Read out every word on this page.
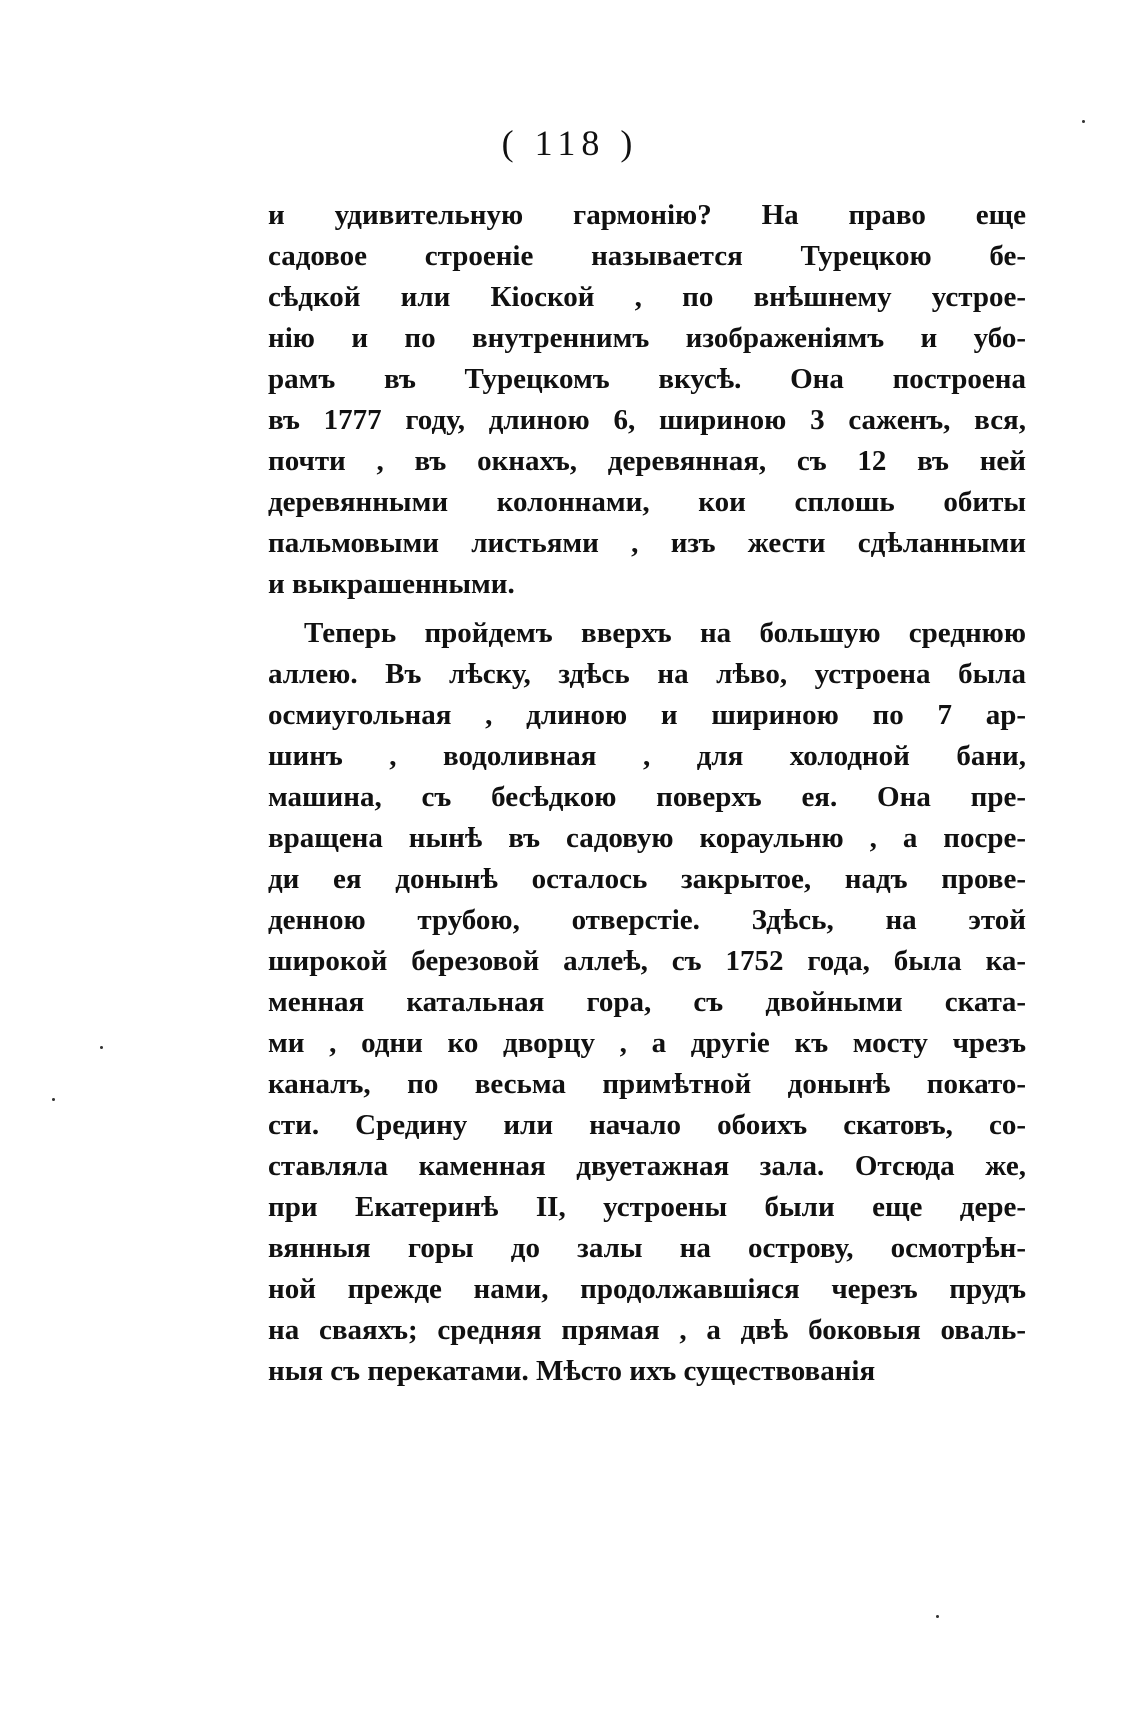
( 118 )
и удивительную гармонію? На право еще
садовое строеніе называется Турецкою бе-
сѣдкой или Кіоской , по внѣшнему устрое-
нію и по внутреннимъ изображеніямъ и убо-
рамъ въ Турецкомъ вкусѣ. Она построена
въ 1777 году, длиною 6, шириною 3 саженъ, вся,
почти , въ окнахъ, деревянная, съ 12 въ ней
деревянными колоннами, кои сплошь обиты
пальмовыми листьями , изъ жести сдѣланными
и выкрашенными.
Теперь пройдемъ вверхъ на большую среднюю
аллею. Въ лѣску, здѣсь на лѣво, устроена была
осмиугольная , длиною и шириною по 7 ар-
шинъ , водоливная , для холодной бани,
машина, съ бесѣдкою поверхъ ея. Она пре-
вращена нынѣ въ садовую кораульню , а посре-
ди ея донынѣ осталось закрытое, надъ прове-
денною трубою, отверстіе. Здѣсь, на этой
широкой березовой аллеѣ, съ 1752 года, была ка-
менная катальная гора, съ двойными скатa-
ми , одни ко дворцу , а другіе къ мосту чрезъ
каналъ, по весьма примѣтной донынѣ покато-
сти. Средину или начало обоихъ скатовъ, со-
ставляла каменная двуетажная зала. Отсюда же,
при Екатеринѣ II, устроены были еще дере-
вянныя горы до залы на острову, осмотрѣн-
ной прежде нами, продолжавшіяся черезъ прудъ
на сваяхъ; средняя прямая , а двѣ боковыя оваль-
ныя съ перекатами. Мѣсто ихъ существованія
